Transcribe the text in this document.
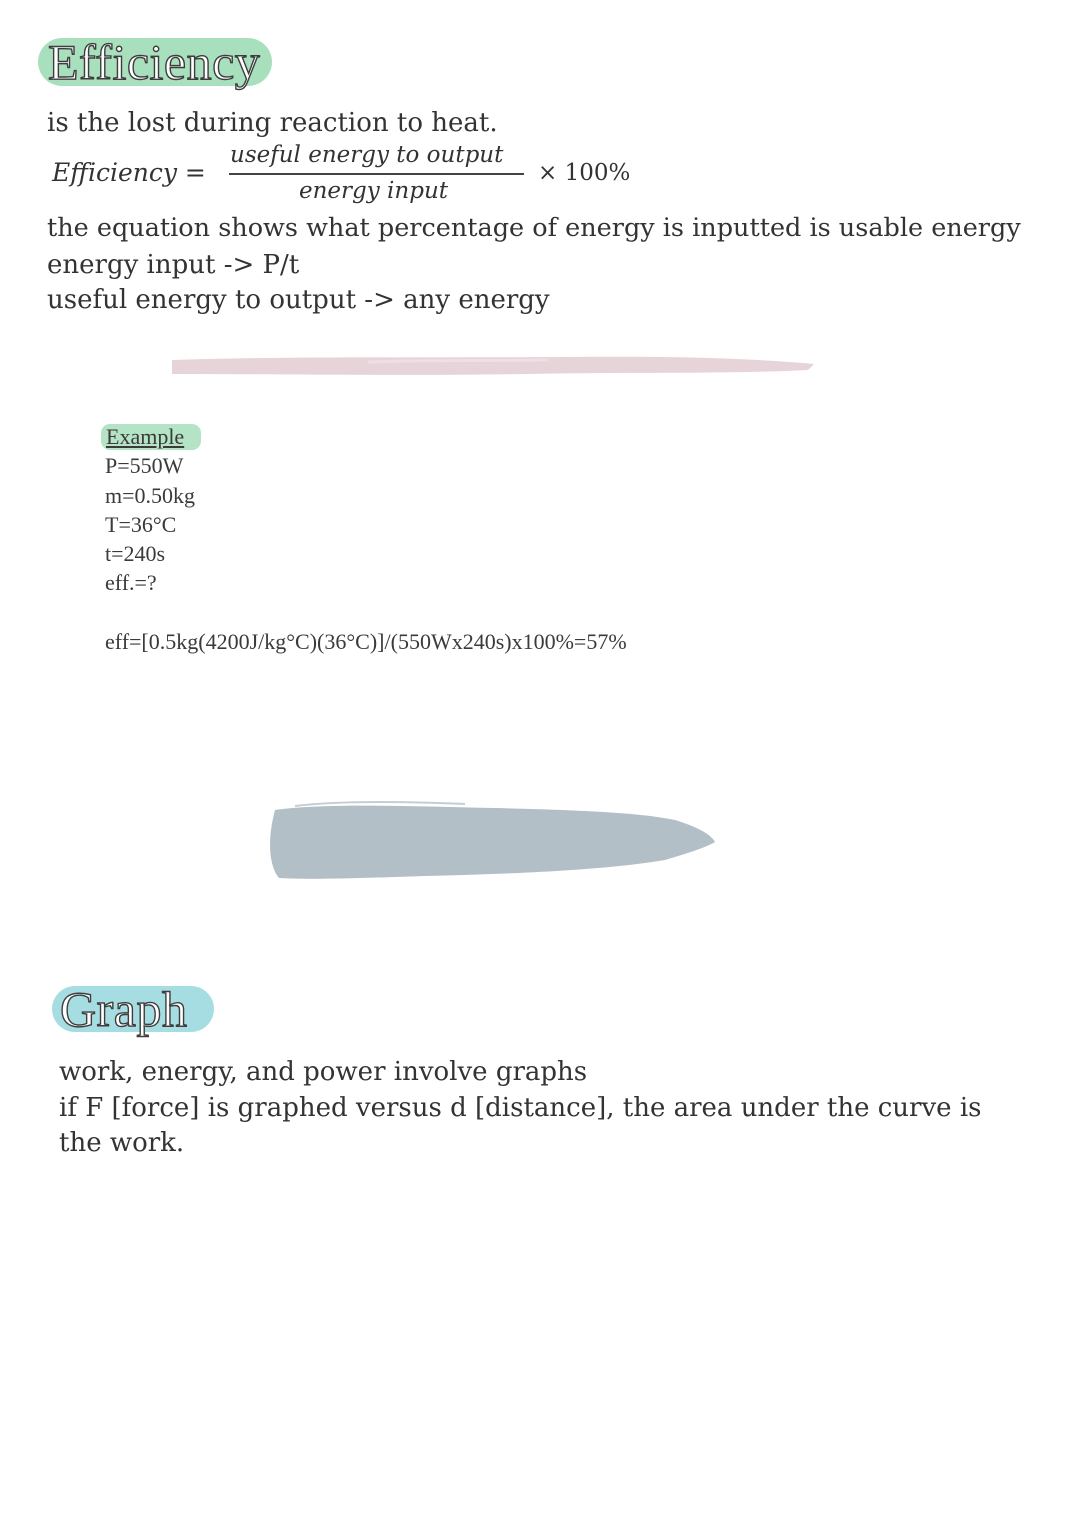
Efficiency
is the lost during reaction to heat.
Efficiency =
useful energy to output
energy input
× 100%
the equation shows what percentage of energy is inputted is usable energy
energy input -> P/t
useful energy to output -> any energy
Example
P=550W
m=0.50kg
T=36°C
t=240s
eff.=?
eff=[0.5kg(4200J/kg°C)(36°C)]/(550Wx240s)x100%=57%
Graph
work, energy, and power involve graphs
if F [force] is graphed versus d [distance], the area under the curve is
the work.
